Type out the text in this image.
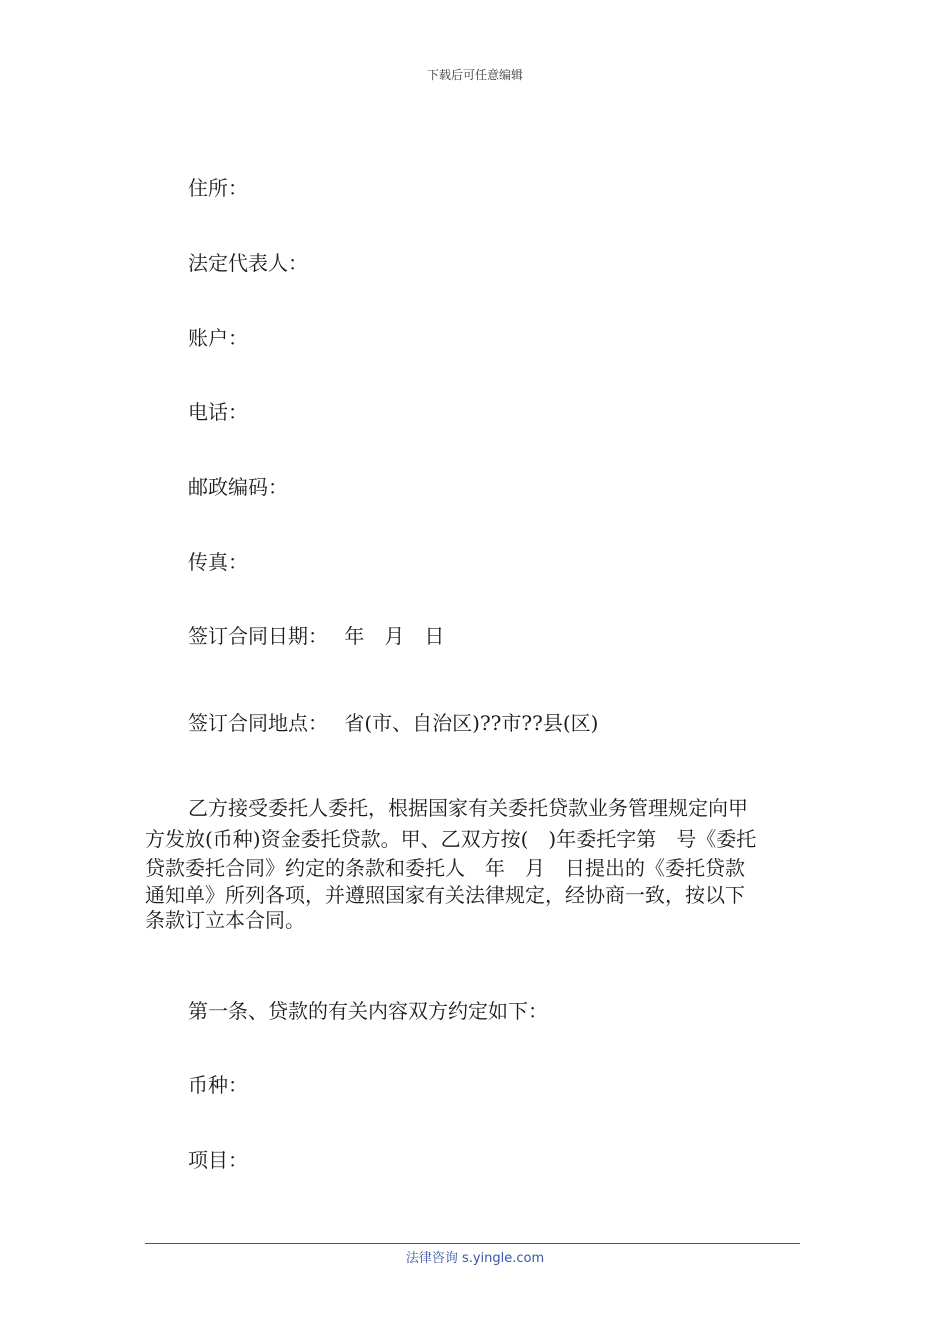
下载后可任意编辑
住所：
法定代表人：
账户：
电话：
邮政编码：
传真：
签订合同日期：　 年　月　日
签订合同地点：　 省(市、自治区)??市??县(区)
乙方接受委托人委托，根据国家有关委托贷款业务管理规定向甲
方发放(币种)资金委托贷款。甲、乙双方按(　)年委托字第　号《委托
贷款委托合同》约定的条款和委托人　年　月　日提出的《委托贷款
通知单》所列各项，并遵照国家有关法律规定，经协商一致，按以下
条款订立本合同。
第一条、贷款的有关内容双方约定如下：
币种：
项目：
法律咨询 s.yingle.com
